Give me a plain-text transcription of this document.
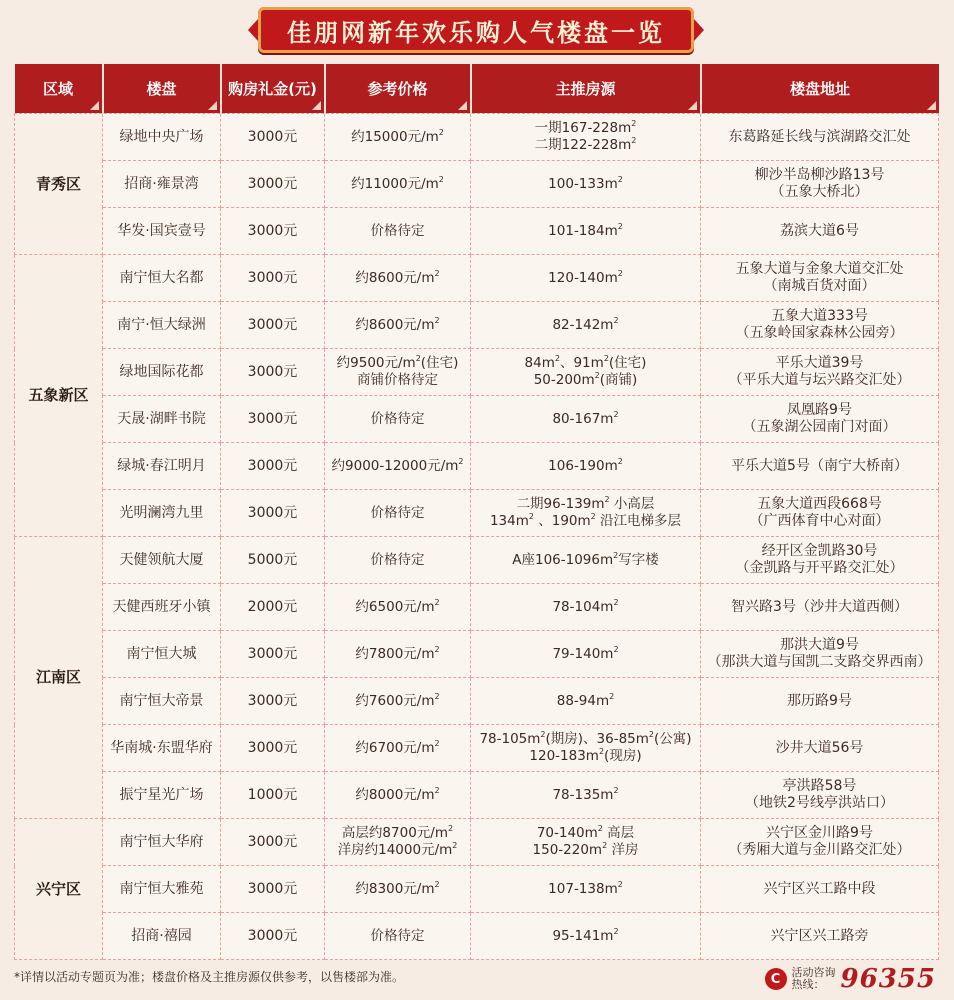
佳朋网新年欢乐购人气楼盘一览
区域	楼盘	购房礼金(元)	参考价格	主推房源	楼盘地址

青秀区	绿地中央广场	3000元	约15000元$/m^2$	一期$167-228m^2$
二期$122-228m^2$	东葛路延长线与滨湖路交汇处

	招商·雍景湾	3000元	约11000元$/m^2$	$100-133m^2$	柳沙半岛柳沙路13号
（五象大桥北）

	华发·国宾壹号	3000元	价格待定	$101-184m^2$	荔滨大道6号

五象新区	南宁恒大名都	3000元	约8600元$/m^2$	$120-140m^2$	五象大道与金象大道交汇处
（南城百货对面）

	南宁·恒大绿洲	3000元	约8600元$/m^2$	$82-142m^2$	五象大道333号
（五象岭国家森林公园旁）

	绿地国际花都	3000元	约9500元$/m^2$(住宅)
商铺价格待定	$84m^2$、$91m^2$(住宅)
$50-200m^2$(商铺)	平乐大道39号
（平乐大道与坛兴路交汇处）

	天晟·湖畔书院	3000元	价格待定	$80-167m^2$	凤凰路9号
（五象湖公园南门对面）

	绿城·春江明月	3000元	约9000-12000元$/m^2$	$106-190m^2$	平乐大道5号（南宁大桥南）

	光明澜湾九里	3000元	价格待定	二期$96-139m^2$ 小高层
$134m^2$ 、$190m^2$ 沿江电梯多层	五象大道西段668号
（广西体育中心对面）

江南区	天健领航大厦	5000元	价格待定	A座$106-1096m^2$写字楼	经开区金凯路30号
（金凯路与开平路交汇处）

	天健西班牙小镇	2000元	约6500元$/m^2$	$78-104m^2$	智兴路3号（沙井大道西侧）

	南宁恒大城	3000元	约7800元$/m^2$	$79-140m^2$	那洪大道9号
（那洪大道与国凯二支路交界西南）

	南宁恒大帝景	3000元	约7600元$/m^2$	$88-94m^2$	那历路9号

	华南城·东盟华府	3000元	约6700元$/m^2$	$78-105m^2$(期房)、$36-85m^2$(公寓)
$120-183m^2$(现房)	沙井大道56号

	振宁星光广场	1000元	约8000元$/m^2$	$78-135m^2$	亭洪路58号
（地铁2号线亭洪站口）

兴宁区	南宁恒大华府	3000元	高层约8700元$/m^2$
洋房约14000元$/m^2$	$70-140m^2$ 高层
$150-220m^2$ 洋房	兴宁区金川路9号
（秀厢大道与金川路交汇处）

	南宁恒大雅苑	3000元	约8300元$/m^2$	$107-138m^2$	兴宁区兴工路中段

	招商·禧园	3000元	价格待定	$95-141m^2$	兴宁区兴工路旁
*详情以活动专题页为准；楼盘价格及主推房源仅供参考，以售楼部为准。	C	活动咨询
热线： 96355
